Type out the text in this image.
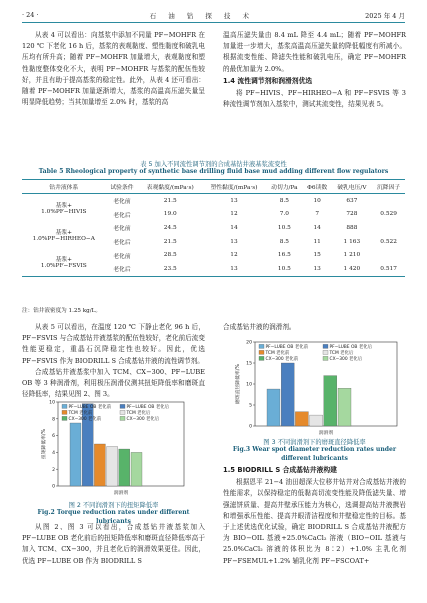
· 24 ·	石 油 钻 探 技 术	2025 年 4 月

从表 4 可以看出：向基浆中添加不同量 PF−MOHFR 在 120 ℃ 下老化 16 h 后，基浆的表观黏度、塑性黏度和破乳电压均有所升高；随着 PF−MOHFR 加量增大，表观黏度和塑性黏度整体变化不大，表明 PF−MOHFR 与基浆的配伍性较好，并且有助于提高基浆的稳定性。此外，从表 4 还可看出：随着 PF−MOHFR 加量逐渐增大，基浆的高温高压滤失量呈明显降低趋势；当其加量增至 2.0% 时，基浆的高

温高压滤失量由 8.4 mL 降至 4.4 mL；随着 PF−MOHFR 加量进一步增大，基浆高温高压滤失量的降低幅度有所减小。根据流变性能、降滤失性能和破乳电压，确定 PF−MOHFR 的最优加量为 2.0%。

1.4 流性调节剂和润滑剂优选

将 PF−HIVIS、PF−HIRHEO−A 和 PF−FSVIS 等 3 种流性调节剂加入基浆中，测试其流变性，结果见表 5。

表 5 加入不同流性调节剂的合成基钻井液基浆流变性
Table 5 Rheological property of synthetic base drilling fluid base mud adding different flow regulators
钻井液体系	试验条件	表观黏度/(mPa·s)	塑性黏度/(mPa·s)	动切力/Pa	Φ6读数	破乳电压/V	沉降因子
基浆+
1.0%PF−HIVIS	老化前	21.5	13	8.5	10	637	
	老化后	19.0	12	7.0	7	728	0.529
基浆+
1.0%PF−HIRHEO−A	老化前	24.5	14	10.5	14	888	
	老化后	21.5	13	8.5	11	1 163	0.522
基浆+
1.0%PF−FSVIS	老化前	28.5	12	16.5	15	1 210	
	老化后	23.5	13	10.5	13	1 420	0.517
注：钻井液密度为 1.25 kg/L。

从表 5 可以看出，在温度 120 ℃ 下静止老化 96 h 后，PF−FSVIS 与合成基钻井液基浆的配伍性较好，老化前后流变性能更稳定，重晶石沉降稳定性也较好。因此，优选 PF−FSVIS 作为 BIODRILL S 合成基钻井液的流性调节剂。

合成基钻井液基浆中加入 TCM、CX−300、PF−LUBE OB 等 3 种润滑剂，利用极压润滑仪测其扭矩降低率和磨斑直径降低率，结果见图 2、图 3。

0
2
4
6
8
10
扭矩降低率/%
润滑剂
PF−LUBE OB 老化前	PF−LUBE OB 老化后
TCM 老化前	TCM 老化后
CX−300 老化前	CX−300 老化后
图 2 不同润滑剂下的扭矩降低率
Fig.2 Torque reduction rates under different lubricants

从图 2、图 3 可以看出，合成基钻井液基浆加入 PF−LUBE OB 老化前后的扭矩降低率和磨斑直径降低率高于加入 TCM、CX−300，并且老化后的润滑效果更佳。因此，优选 PF−LUBE OB 作为 BIODRILL S

合成基钻井液的润滑剂。

0
5
10
15
20
磨斑直径降低率/%
润滑剂
PF−LUBE OB 老化前	PF−LUBE OB 老化后
TCM 老化前	TCM 老化后
CX−300 老化前	CX−300 老化后
图 3 不同润滑剂下的磨斑直径降低率
Fig.3 Wear spot diameter reduction rates under different lubricants
1.5 BIODRILL S 合成基钻井液构建

根据恩平 21−4 油田超深大位移井钻井对合成基钻井液的性能需求，以保持稳定的低黏高切流变性能及降低滤失量、增强滤饼质量、提高井壁承压能力为核心，选调提高钻井液携岩和增强承压性能、提高井眼清洁程度和井壁稳定性的目标。基于上述优选优化试验，确定 BIODRILL S 合成基钻井液配方为 BIO−OIL 基液+25.0%CaCl₂ 溶液（BIO−OIL 基液与 25.0%CaCl₂ 溶液的体积比为 8∶2）+1.0% 主乳化剂 PF−FSEMUL+1.2% 辅乳化剂 PF−FSCOAT+
